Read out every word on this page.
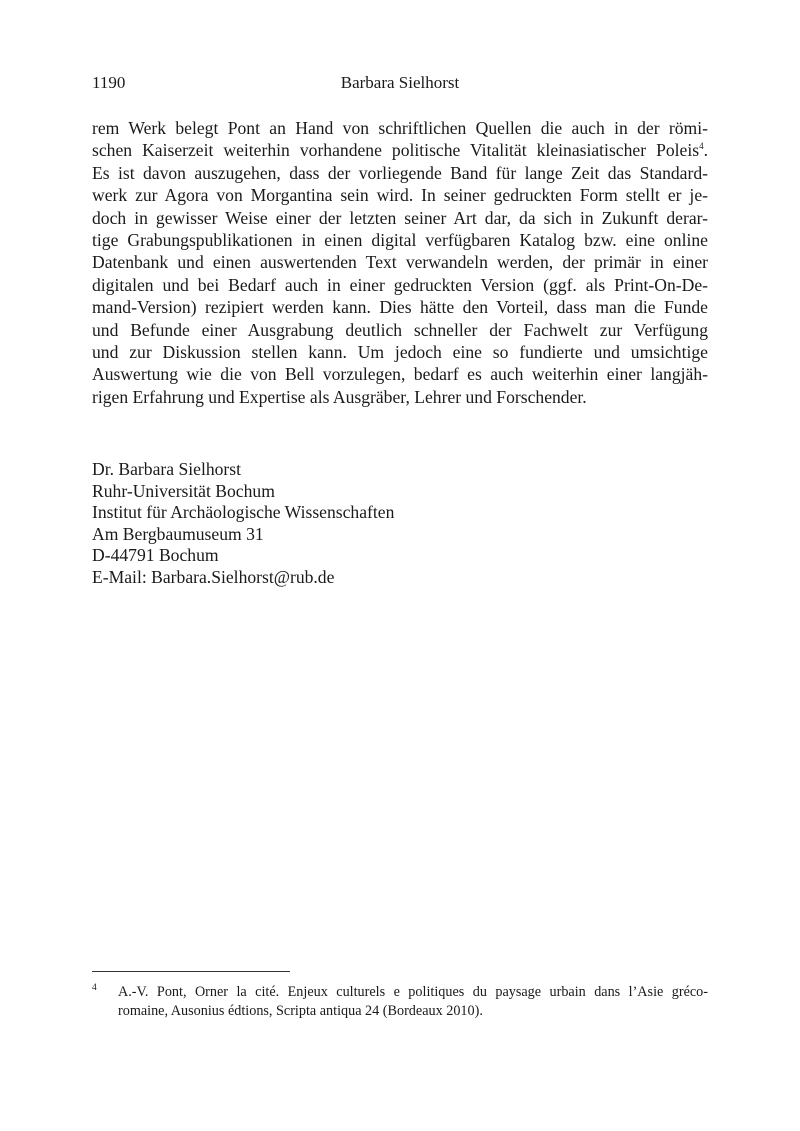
1190	Barbara Sielhorst
rem Werk belegt Pont an Hand von schriftlichen Quellen die auch in der römi-
schen Kaiserzeit weiterhin vorhandene politische Vitalität kleinasiatischer Poleis$^4$.
Es ist davon auszugehen, dass der vorliegende Band für lange Zeit das Standard-
werk zur Agora von Morgantina sein wird. In seiner gedruckten Form stellt er je-
doch in gewisser Weise einer der letzten seiner Art dar, da sich in Zukunft derar-
tige Grabungspublikationen in einen digital verfügbaren Katalog bzw. eine online
Datenbank und einen auswertenden Text verwandeln werden, der primär in einer
digitalen und bei Bedarf auch in einer gedruckten Version (ggf. als Print-On-De-
mand-Version) rezipiert werden kann. Dies hätte den Vorteil, dass man die Funde
und Befunde einer Ausgrabung deutlich schneller der Fachwelt zur Verfügung
und zur Diskussion stellen kann. Um jedoch eine so fundierte und umsichtige
Auswertung wie die von Bell vorzulegen, bedarf es auch weiterhin einer langjäh-
rigen Erfahrung und Expertise als Ausgräber, Lehrer und Forschender.
Dr. Barbara Sielhorst
Ruhr-Universität Bochum
Institut für Archäologische Wissenschaften
Am Bergbaumuseum 31
D-44791 Bochum
E-Mail: Barbara.Sielhorst@rub.de
4 A.-V. Pont, Orner la cité. Enjeux culturels e politiques du paysage urbain dans l’Asie gréco-
romaine, Ausonius édtions, Scripta antiqua 24 (Bordeaux 2010).
